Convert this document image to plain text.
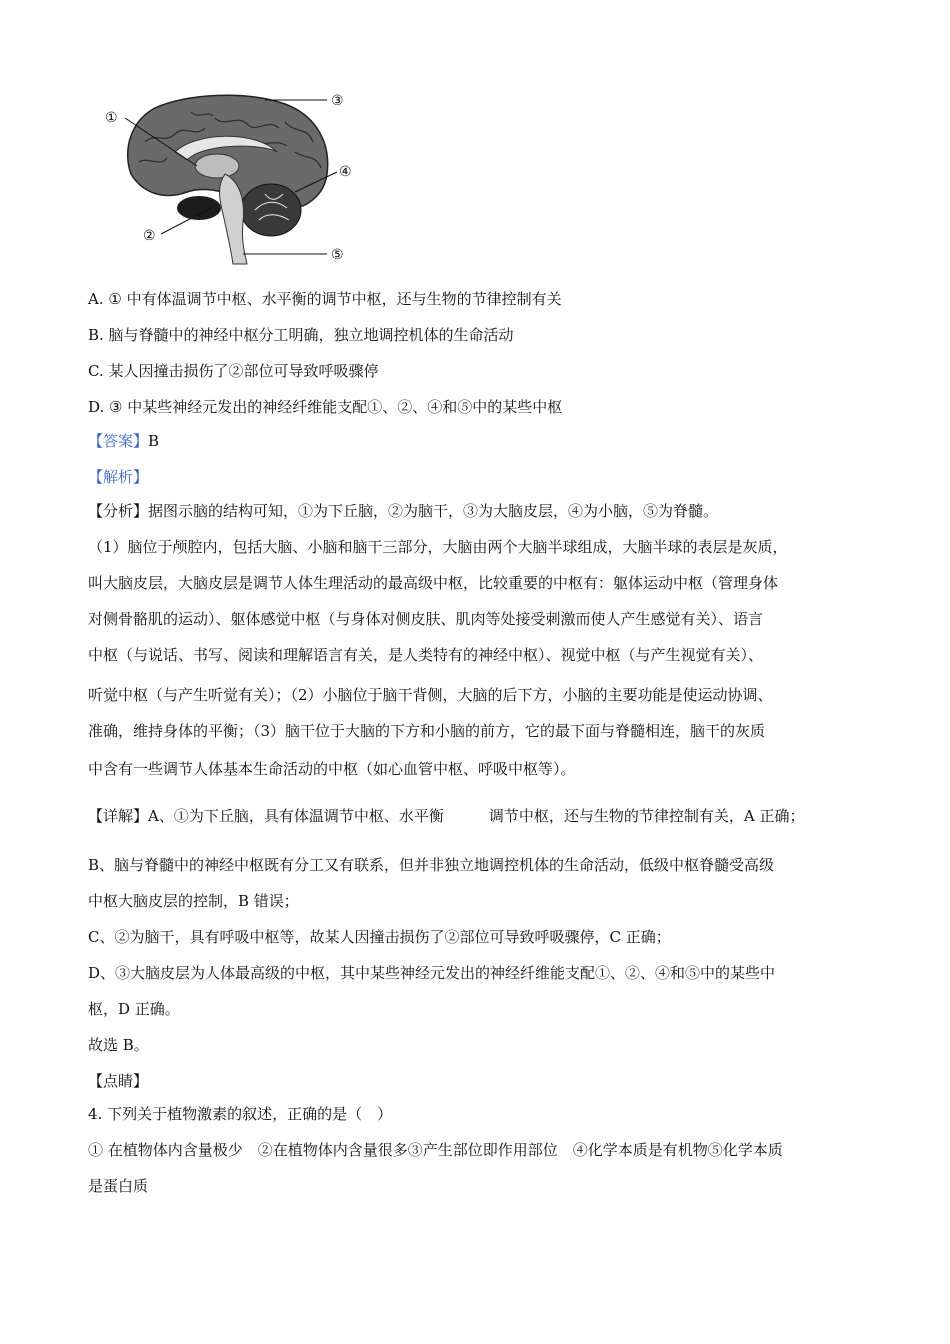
①
③
④
②
⑤
A. ① 中有体温调节中枢、水平衡的调节中枢，还与生物的节律控制有关
B. 脑与脊髓中的神经中枢分工明确，独立地调控机体的生命活动
C. 某人因撞击损伤了②部位可导致呼吸骤停
D. ③ 中某些神经元发出的神经纤维能支配①、②、④和⑤中的某些中枢
【答案】B
【解析】
【分析】据图示脑的结构可知，①为下丘脑，②为脑干，③为大脑皮层，④为小脑，⑤为脊髓。
（1）脑位于颅腔内，包括大脑、小脑和脑干三部分，大脑由两个大脑半球组成，大脑半球的表层是灰质，
叫大脑皮层，大脑皮层是调节人体生理活动的最高级中枢，比较重要的中枢有：躯体运动中枢（管理身体
对侧骨骼肌的运动）、躯体感觉中枢（与身体对侧皮肤、肌肉等处接受刺激而使人产生感觉有关）、语言
中枢（与说话、书写、阅读和理解语言有关，是人类特有的神经中枢）、视觉中枢（与产生视觉有关）、
听觉中枢（与产生听觉有关）；（2）小脑位于脑干背侧，大脑的后下方，小脑的主要功能是使运动协调、
准确，维持身体的平衡；（3）脑干位于大脑的下方和小脑的前方，它的最下面与脊髓相连，脑干的灰质
中含有一些调节人体基本生命活动的中枢（如心血管中枢、呼吸中枢等）。
【详解】A、①为下丘脑，具有体温调节中枢、水平衡　　　调节中枢，还与生物的节律控制有关，A 正确；
B、脑与脊髓中的神经中枢既有分工又有联系，但并非独立地调控机体的生命活动，低级中枢脊髓受高级
中枢大脑皮层的控制，B 错误；
C、②为脑干，具有呼吸中枢等，故某人因撞击损伤了②部位可导致呼吸骤停，C 正确；
D、③大脑皮层为人体最高级的中枢，其中某些神经元发出的神经纤维能支配①、②、④和⑤中的某些中
枢，D 正确。
故选 B。
【点睛】
4. 下列关于植物激素的叙述，正确的是（　）
① 在植物体内含量极少　②在植物体内含量很多③产生部位即作用部位　④化学本质是有机物⑤化学本质
是蛋白质
